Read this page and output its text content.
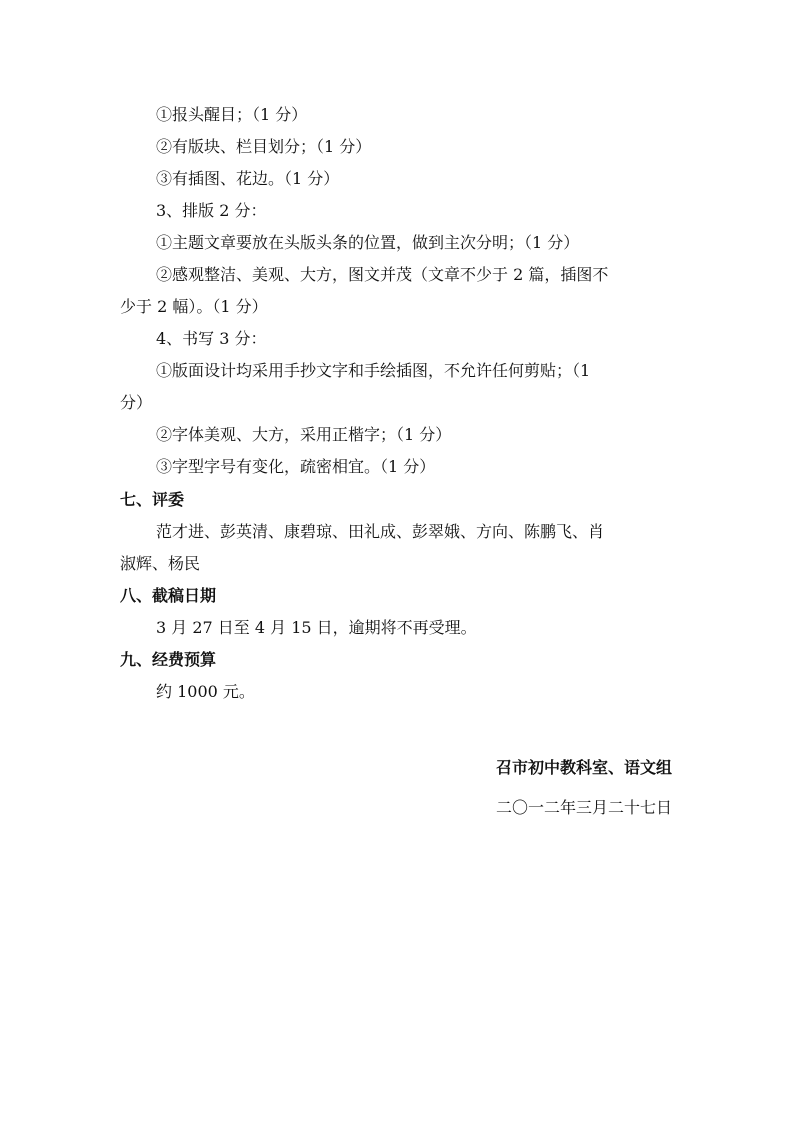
①报头醒目；（1 分）
②有版块、栏目划分；（1 分）
③有插图、花边。（1 分）
3、排版 2 分：
①主题文章要放在头版头条的位置，做到主次分明；（1 分）
②感观整洁、美观、大方，图文并茂（文章不少于 2 篇，插图不
少于 2 幅）。（1 分）
4、书写 3 分：
①版面设计均采用手抄文字和手绘插图，不允许任何剪贴；（1
分）
②字体美观、大方，采用正楷字；（1 分）
③字型字号有变化，疏密相宜。（1 分）
七、评委
范才进、彭英清、康碧琼、田礼成、彭翠娥、方向、陈鹏飞、肖
淑辉、杨民
八、截稿日期
3 月 27 日至 4 月 15 日，逾期将不再受理。
九、经费预算
约 1000 元。
召市初中教科室、语文组
二〇一二年三月二十七日
